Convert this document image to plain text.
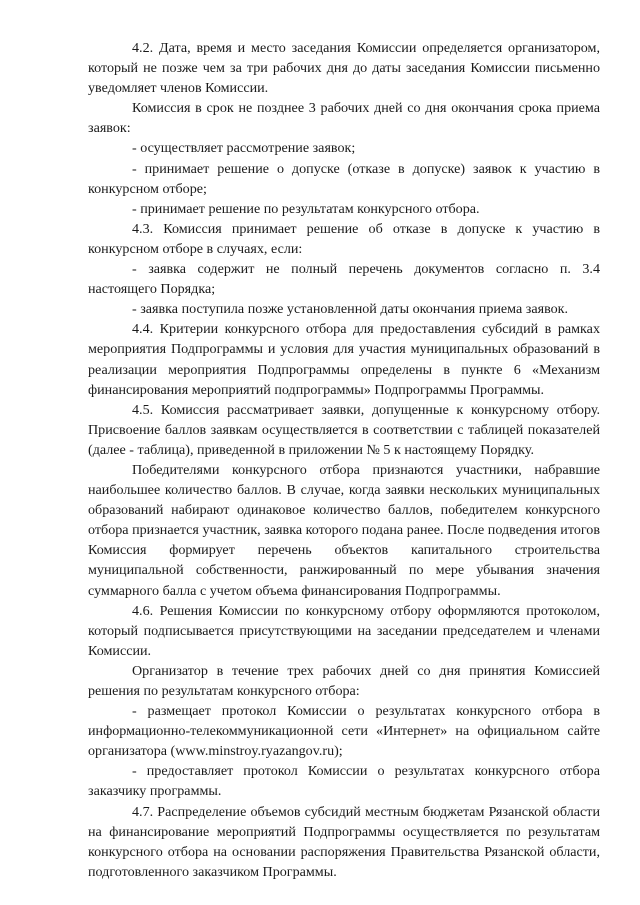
4.2. Дата, время и место заседания Комиссии определяется организатором, который не позже чем за три рабочих дня до даты заседания Комиссии письменно уведомляет членов Комиссии.

Комиссия в срок не позднее 3 рабочих дней со дня окончания срока приема заявок:

- осуществляет рассмотрение заявок;

- принимает решение о допуске (отказе в допуске) заявок к участию в конкурсном отборе;

- принимает решение по результатам конкурсного отбора.

4.3. Комиссия принимает решение об отказе в допуске к участию в конкурсном отборе в случаях, если:

- заявка содержит не полный перечень документов согласно п. 3.4 настоящего Порядка;

- заявка поступила позже установленной даты окончания приема заявок.

4.4. Критерии конкурсного отбора для предоставления субсидий в рамках мероприятия Подпрограммы и условия для участия муниципальных образований в реализации мероприятия Подпрограммы определены в пункте 6 «Механизм финансирования мероприятий подпрограммы» Подпрограммы Программы.

4.5. Комиссия рассматривает заявки, допущенные к конкурсному отбору. Присвоение баллов заявкам осуществляется в соответствии с таблицей показателей (далее - таблица), приведенной в приложении № 5 к настоящему Порядку.

Победителями конкурсного отбора признаются участники, набравшие наибольшее количество баллов. В случае, когда заявки нескольких муниципальных образований набирают одинаковое количество баллов, победителем конкурсного отбора признается участник, заявка которого подана ранее. После подведения итогов Комиссия формирует перечень объектов капитального строительства муниципальной собственности, ранжированный по мере убывания значения суммарного балла с учетом объема финансирования Подпрограммы.

4.6. Решения Комиссии по конкурсному отбору оформляются протоколом, который подписывается присутствующими на заседании председателем и членами Комиссии.

Организатор в течение трех рабочих дней со дня принятия Комиссией решения по результатам конкурсного отбора:

- размещает протокол Комиссии о результатах конкурсного отбора в информационно-телекоммуникационной сети «Интернет» на официальном сайте организатора (www.minstroy.ryazangov.ru);

- предоставляет протокол Комиссии о результатах конкурсного отбора заказчику программы.

4.7. Распределение объемов субсидий местным бюджетам Рязанской области на финансирование мероприятий Подпрограммы осуществляется по результатам конкурсного отбора на основании распоряжения Правительства Рязанской области, подготовленного заказчиком Программы.
